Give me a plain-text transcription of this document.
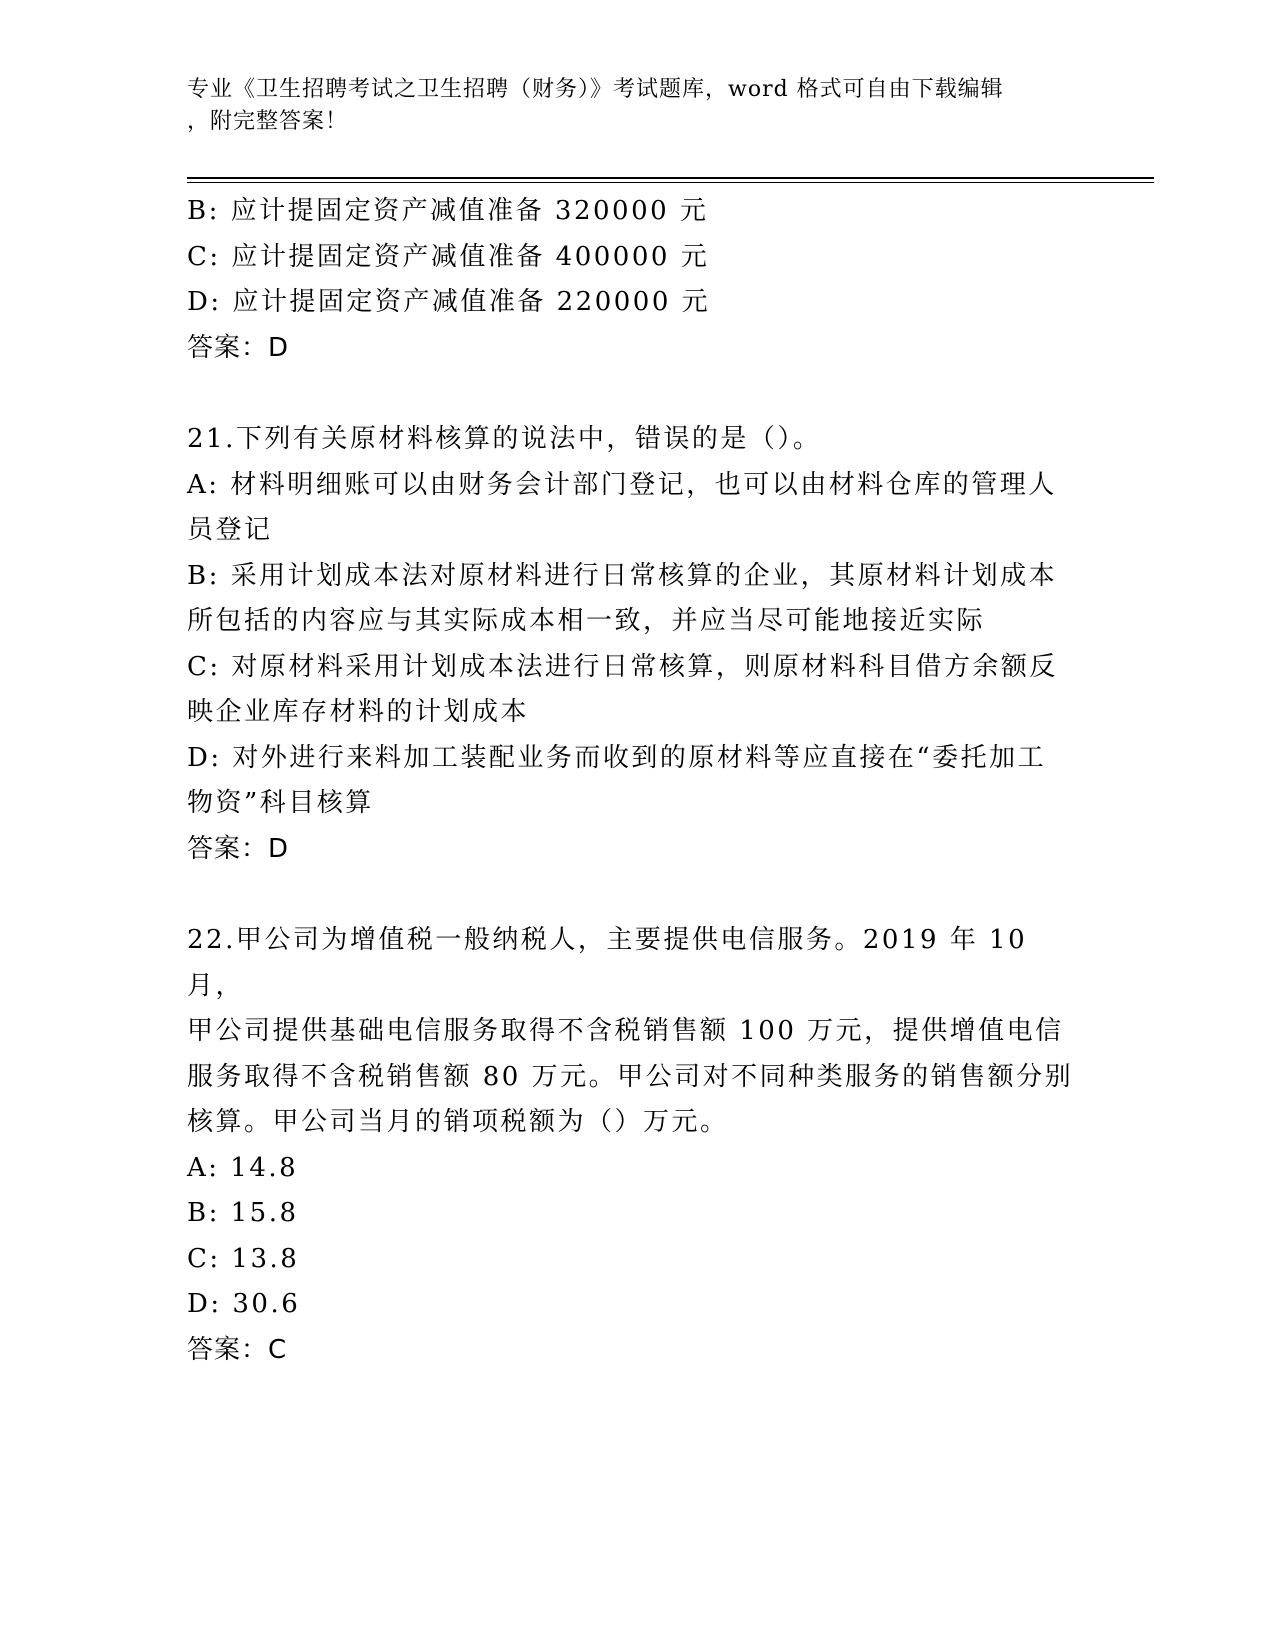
专业《卫生招聘考试之卫生招聘（财务）》考试题库，word 格式可自由下载编辑
，附完整答案！

B: 应计提固定资产减值准备 320000 元

C: 应计提固定资产减值准备 400000 元

D: 应计提固定资产减值准备 220000 元

答案：D

21.下列有关原材料核算的说法中，错误的是（）。

A: 材料明细账可以由财务会计部门登记，也可以由材料仓库的管理人

员登记

B: 采用计划成本法对原材料进行日常核算的企业，其原材料计划成本

所包括的内容应与其实际成本相一致，并应当尽可能地接近实际

C: 对原材料采用计划成本法进行日常核算，则原材料科目借方余额反

映企业库存材料的计划成本

D: 对外进行来料加工装配业务而收到的原材料等应直接在“委托加工

物资”科目核算

答案：D

22.甲公司为增值税一般纳税人，主要提供电信服务。2019 年 10 月，

甲公司提供基础电信服务取得不含税销售额 100 万元，提供增值电信

服务取得不含税销售额 80 万元。甲公司对不同种类服务的销售额分别

核算。甲公司当月的销项税额为（）万元。

A: 14.8

B: 15.8

C: 13.8

D: 30.6

答案：C
